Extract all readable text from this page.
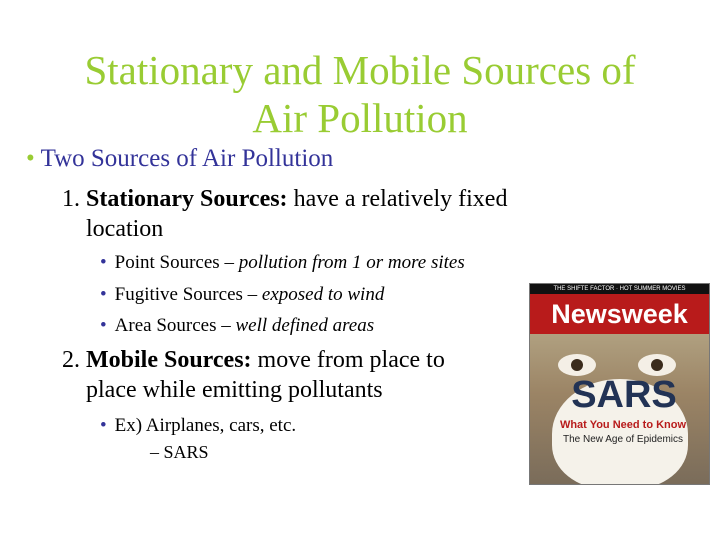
Stationary and Mobile Sources of
Air Pollution
• Two Sources of Air Pollution
1. Stationary Sources: have a relatively fixed
location
• Point Sources – pollution from 1 or more sites
• Fugitive Sources – exposed to wind
• Area Sources – well defined areas
2. Mobile Sources: move from place to
place while emitting pollutants
• Ex) Airplanes, cars, etc.
– SARS
THE SHIFTE FACTOR · HOT SUMMER MOVIES
Newsweek
SARS
What You Need to Know
The New Age of Epidemics
